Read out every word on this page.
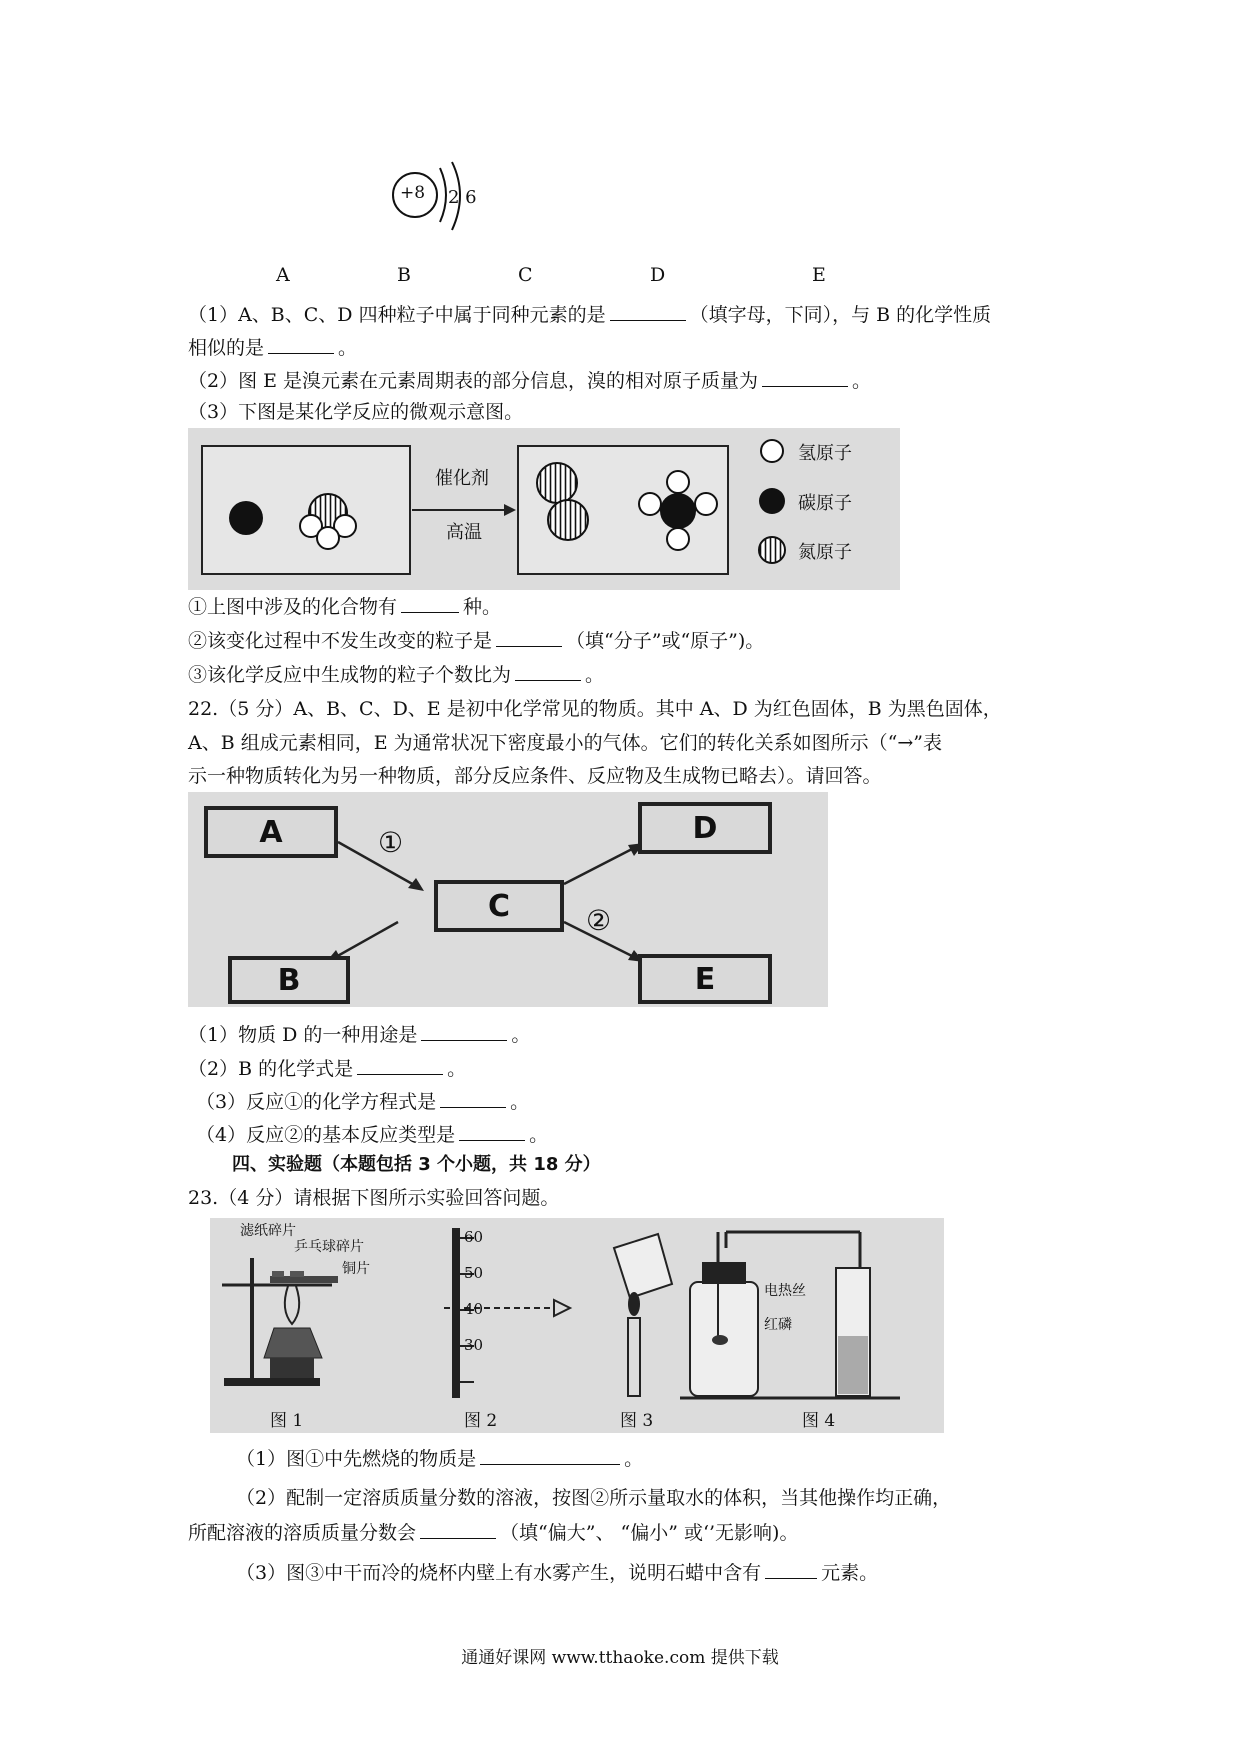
+8 2 6
A	B	C	D	E
（1）A、B、C、D 四种粒子中属于同种元素的是	（填字母，下同），与 B 的化学性质
相似的是	。
（2）图 E 是溴元素在元素周期表的部分信息，溴的相对原子质量为	。
（3）下图是某化学反应的微观示意图。
催化剂
高温
氢原子
碳原子
氮原子
①上图中涉及的化合物有	种。
②该变化过程中不发生改变的粒子是	（填“分子”或“原子”)。
③该化学反应中生成物的粒子个数比为	。
22.（5 分）A、B、C、D、E 是初中化学常见的物质。其中 A、D 为红色固体，B 为黑色固体，
A、B 组成元素相同，E 为通常状况下密度最小的气体。它们的转化关系如图所示（“→”表
示一种物质转化为另一种物质，部分反应条件、反应物及生成物已略去）。请回答。
A	D
C
B	E
①
②
（1）物质 D 的一种用途是	。
（2）B 的化学式是	。
（3）反应①的化学方程式是	。
（4）反应②的基本反应类型是	。
四、实验题（本题包括 3 个小题，共 18 分）
23.（4 分）请根据下图所示实验回答问题。
滤纸碎片
乒乓球碎片
铜片
60
50
40
30
电热丝
红磷
图 1	图 2	图 3	图 4
（1）图①中先燃烧的物质是	。
（2）配制一定溶质质量分数的溶液，按图②所示量取水的体积，当其他操作均正确，
所配溶液的溶质质量分数会	（填“偏大”、 “偏小” 或‘’无影响)。
（3）图③中干而冷的烧杯内壁上有水雾产生，说明石蜡中含有	元素。
通通好课网 www.tthaoke.com 提供下载
